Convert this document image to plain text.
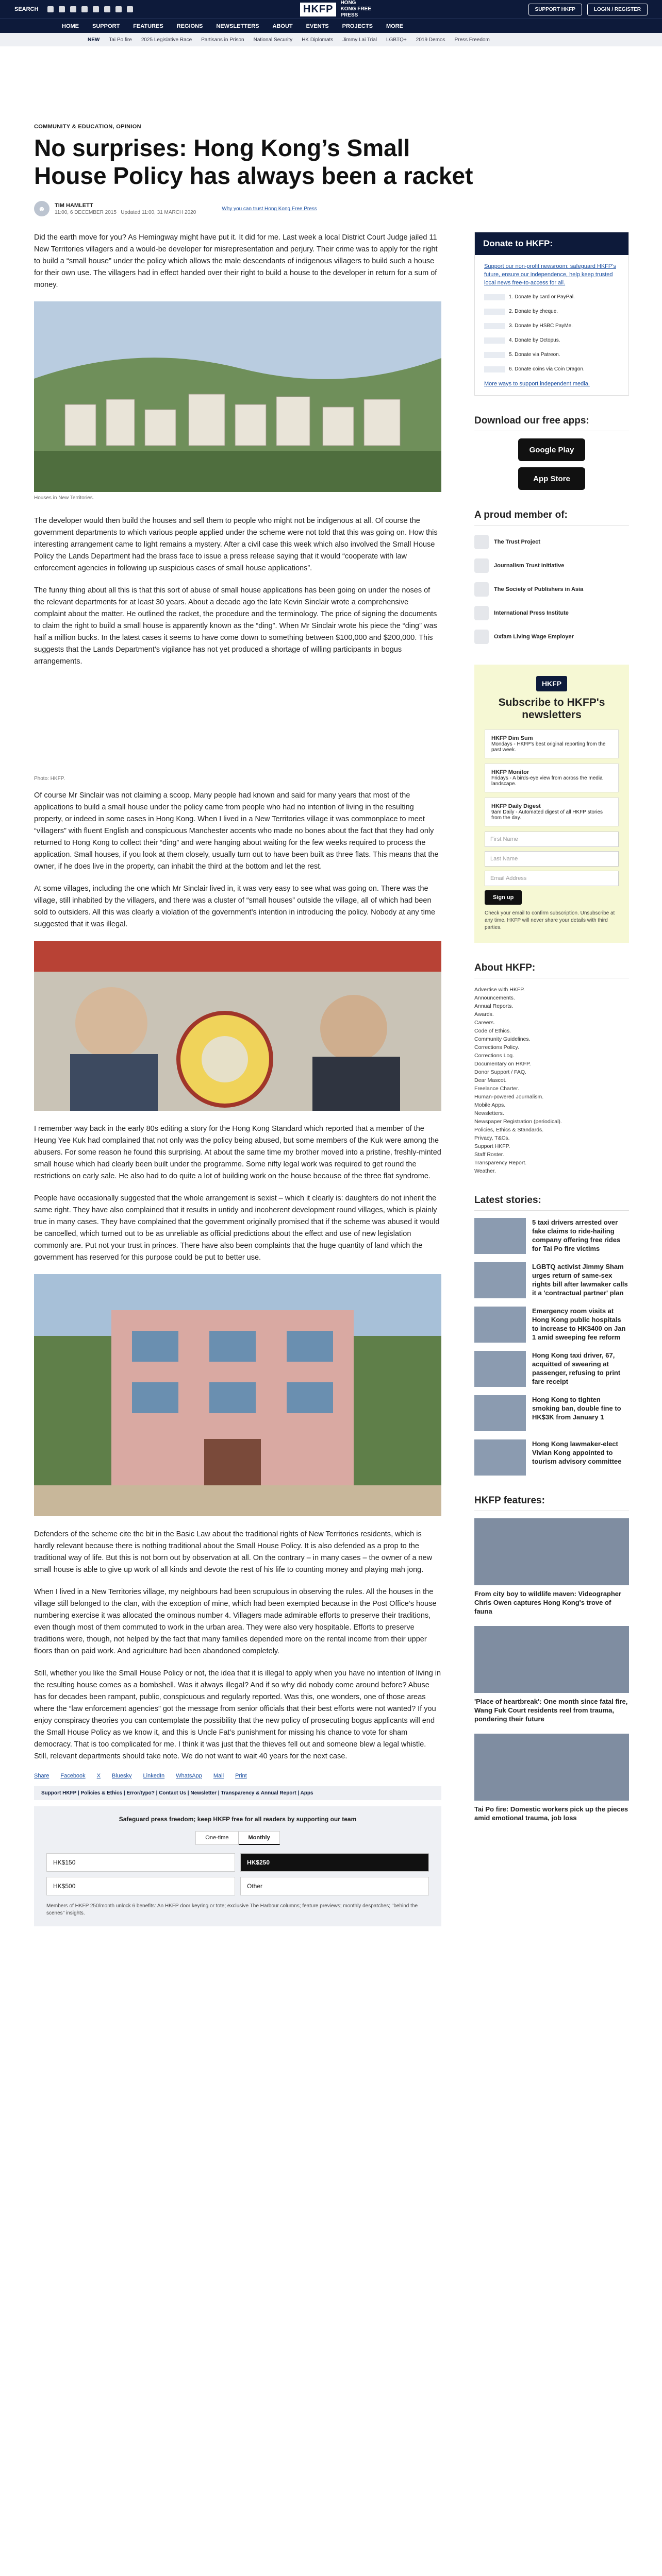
SEARCH	HKFP
HONG KONG FREE PRESS
SUPPORT HKFP	LOGIN / REGISTER
HOME SUPPORT FEATURES REGIONS NEWSLETTERS ABOUT EVENTS PROJECTS MORE
NEW Tai Po fire 2025 Legislative Race Partisans in Prison National Security HK Diplomats Jimmy Lai Trial LGBTQ+ 2019 Demos Press Freedom
COMMUNITY & EDUCATION, OPINION
No surprises: Hong Kong’s Small House Policy has always been a racket
☻	TIM HAMLETT
11:00, 6 DECEMBER 2015 Updated 11:00, 31 MARCH 2020
Why you can trust Hong Kong Free Press

Did the earth move for you? As Hemingway might have put it. It did for me. Last week a local District Court Judge jailed 11 New Territories villagers and a would-be developer for misrepresentation and perjury. Their crime was to apply for the right to build a “small house” under the policy which allows the male descendants of indigenous villagers to build such a house for their own use. The villagers had in effect handed over their right to build a house to the developer in return for a sum of money.

Houses in New Territories.

The developer would then build the houses and sell them to people who might not be indigenous at all. Of course the government departments to which various people applied under the scheme were not told that this was going on. How this interesting arrangement came to light remains a mystery. After a civil case this week which also involved the Small House Policy the Lands Department had the brass face to issue a press release saying that it would “cooperate with law enforcement agencies in following up suspicious cases of small house applications”.

The funny thing about all this is that this sort of abuse of small house applications has been going on under the noses of the relevant departments for at least 30 years. About a decade ago the late Kevin Sinclair wrote a comprehensive complaint about the matter. He outlined the racket, the procedure and the terminology. The price of signing the documents to claim the right to build a small house is apparently known as the “ding”. When Mr Sinclair wrote his piece the “ding” was half a million bucks. In the latest cases it seems to have come down to something between $100,000 and $200,000. This suggests that the Lands Department’s vigilance has not yet produced a shortage of willing participants in bogus arrangements.

Photo: HKFP.

Of course Mr Sinclair was not claiming a scoop. Many people had known and said for many years that most of the applications to build a small house under the policy came from people who had no intention of living in the resulting property, or indeed in some cases in Hong Kong. When I lived in a New Territories village it was commonplace to meet “villagers” with fluent English and conspicuous Manchester accents who made no bones about the fact that they had only returned to Hong Kong to collect their “ding” and were hanging about waiting for the few weeks required to process the application. Small houses, if you look at them closely, usually turn out to have been built as three flats. This means that the owner, if he does live in the property, can inhabit the third at the bottom and let the rest.

At some villages, including the one which Mr Sinclair lived in, it was very easy to see what was going on. There was the village, still inhabited by the villagers, and there was a cluster of “small houses” outside the village, all of which had been sold to outsiders. All this was clearly a violation of the government’s intention in introducing the policy. Nobody at any time suggested that it was illegal.

I remember way back in the early 80s editing a story for the Hong Kong Standard which reported that a member of the Heung Yee Kuk had complained that not only was the policy being abused, but some members of the Kuk were among the abusers. For some reason he found this surprising. At about the same time my brother moved into a pristine, freshly-minted small house which had clearly been built under the programme. Some nifty legal work was required to get round the restrictions on early sale. He also had to do quite a lot of building work on the house because of the three flat syndrome.

People have occasionally suggested that the whole arrangement is sexist – which it clearly is: daughters do not inherit the same right. They have also complained that it results in untidy and incoherent development round villages, which is plainly true in many cases. They have complained that the government originally promised that if the scheme was abused it would be cancelled, which turned out to be as unreliable as official predictions about the effect and use of new legislation commonly are. Put not your trust in princes. There have also been complaints that the huge quantity of land which the government has reserved for this purpose could be put to better use.

Defenders of the scheme cite the bit in the Basic Law about the traditional rights of New Territories residents, which is hardly relevant because there is nothing traditional about the Small House Policy. It is also defended as a prop to the traditional way of life. But this is not born out by observation at all. On the contrary – in many cases – the owner of a new small house is able to give up work of all kinds and devote the rest of his life to counting money and playing mah jong.

When I lived in a New Territories village, my neighbours had been scrupulous in observing the rules. All the houses in the village still belonged to the clan, with the exception of mine, which had been exempted because in the Post Office’s house numbering exercise it was allocated the ominous number 4. Villagers made admirable efforts to preserve their traditions, even though most of them commuted to work in the urban area. They were also very hospitable. Efforts to preserve traditions were, though, not helped by the fact that many families depended more on the rental income from their upper floors than on paid work. And agriculture had been abandoned completely.

Still, whether you like the Small House Policy or not, the idea that it is illegal to apply when you have no intention of living in the resulting house comes as a bombshell. Was it always illegal? And if so why did nobody come around before? Abuse has for decades been rampant, public, conspicuous and regularly reported. Was this, one wonders, one of those areas where the “law enforcement agencies” got the message from senior officials that their best efforts were not wanted? If you enjoy conspiracy theories you can contemplate the possibility that the new policy of prosecuting bogus applicants will end the Small House Policy as we know it, and this is Uncle Fat’s punishment for missing his chance to vote for sham democracy. That is too complicated for me. I think it was just that the thieves fell out and someone blew a legal whistle. Still, relevant departments should take note. We do not want to wait 40 years for the next case.

Share Facebook X Bluesky LinkedIn WhatsApp Mail Print
Support HKFP | Policies & Ethics | Error/typo? | Contact Us | Newsletter | Transparency & Annual Report | Apps
Safeguard press freedom; keep HKFP free for all readers by supporting our team
One-time	Monthly
HK$150	HK$250
HK$500	Other
Members of HKFP 250/month unlock 6 benefits: An HKFP door keyring or tote; exclusive The Harbour columns; feature previews; monthly despatches; "behind the scenes" insights.
Donate to HKFP:
Support our non-profit newsroom: safeguard HKFP's future, ensure our independence, help keep trusted local news free-to-access for all.
1. Donate by card or PayPal.
2. Donate by cheque.
3. Donate by HSBC PayMe.
4. Donate by Octopus.
5. Donate via Patreon.
6. Donate coins via Coin Dragon.
More ways to support independent media.
Download our free apps:
Google Play
App Store
A proud member of:
The Trust Project
Journalism Trust Initiative
The Society of Publishers in Asia
International Press Institute
Oxfam Living Wage Employer
HKFP
Subscribe to HKFP's newsletters
HKFP Dim Sum
Mondays - HKFP's best original reporting from the past week.
HKFP Monitor
Fridays - A birds-eye view from across the media landscape.
HKFP Daily Digest
9am Daily - Automated digest of all HKFP stories from the day.
First Name
Last Name
Email Address
Sign up
Check your email to confirm subscription. Unsubscribe at any time. HKFP will never share your details with third parties.
About HKFP:
Advertise with HKFP.
Announcements.
Annual Reports.
Awards.
Careers.
Code of Ethics.
Community Guidelines.
Corrections Policy.
Corrections Log.
Documentary on HKFP.
Donor Support / FAQ.
Dear Mascot.
Freelance Charter.
Human-powered Journalism.
Mobile Apps.
Newsletters.
Newspaper Registration (periodical).
Policies, Ethics & Standards.
Privacy, T&Cs.
Support HKFP.
Staff Roster.
Transparency Report.
Weather.
Latest stories:
5 taxi drivers arrested over fake claims to ride-hailing company offering free rides for Tai Po fire victims
LGBTQ activist Jimmy Sham urges return of same-sex rights bill after lawmaker calls it a 'contractual partner' plan
Emergency room visits at Hong Kong public hospitals to increase to HK$400 on Jan 1 amid sweeping fee reform
Hong Kong taxi driver, 67, acquitted of swearing at passenger, refusing to print fare receipt
Hong Kong to tighten smoking ban, double fine to HK$3K from January 1
Hong Kong lawmaker-elect Vivian Kong appointed to tourism advisory committee
HKFP features:
From city boy to wildlife maven: Videographer Chris Owen captures Hong Kong's trove of fauna
'Place of heartbreak': One month since fatal fire, Wang Fuk Court residents reel from trauma, pondering their future
Tai Po fire: Domestic workers pick up the pieces amid emotional trauma, job loss
